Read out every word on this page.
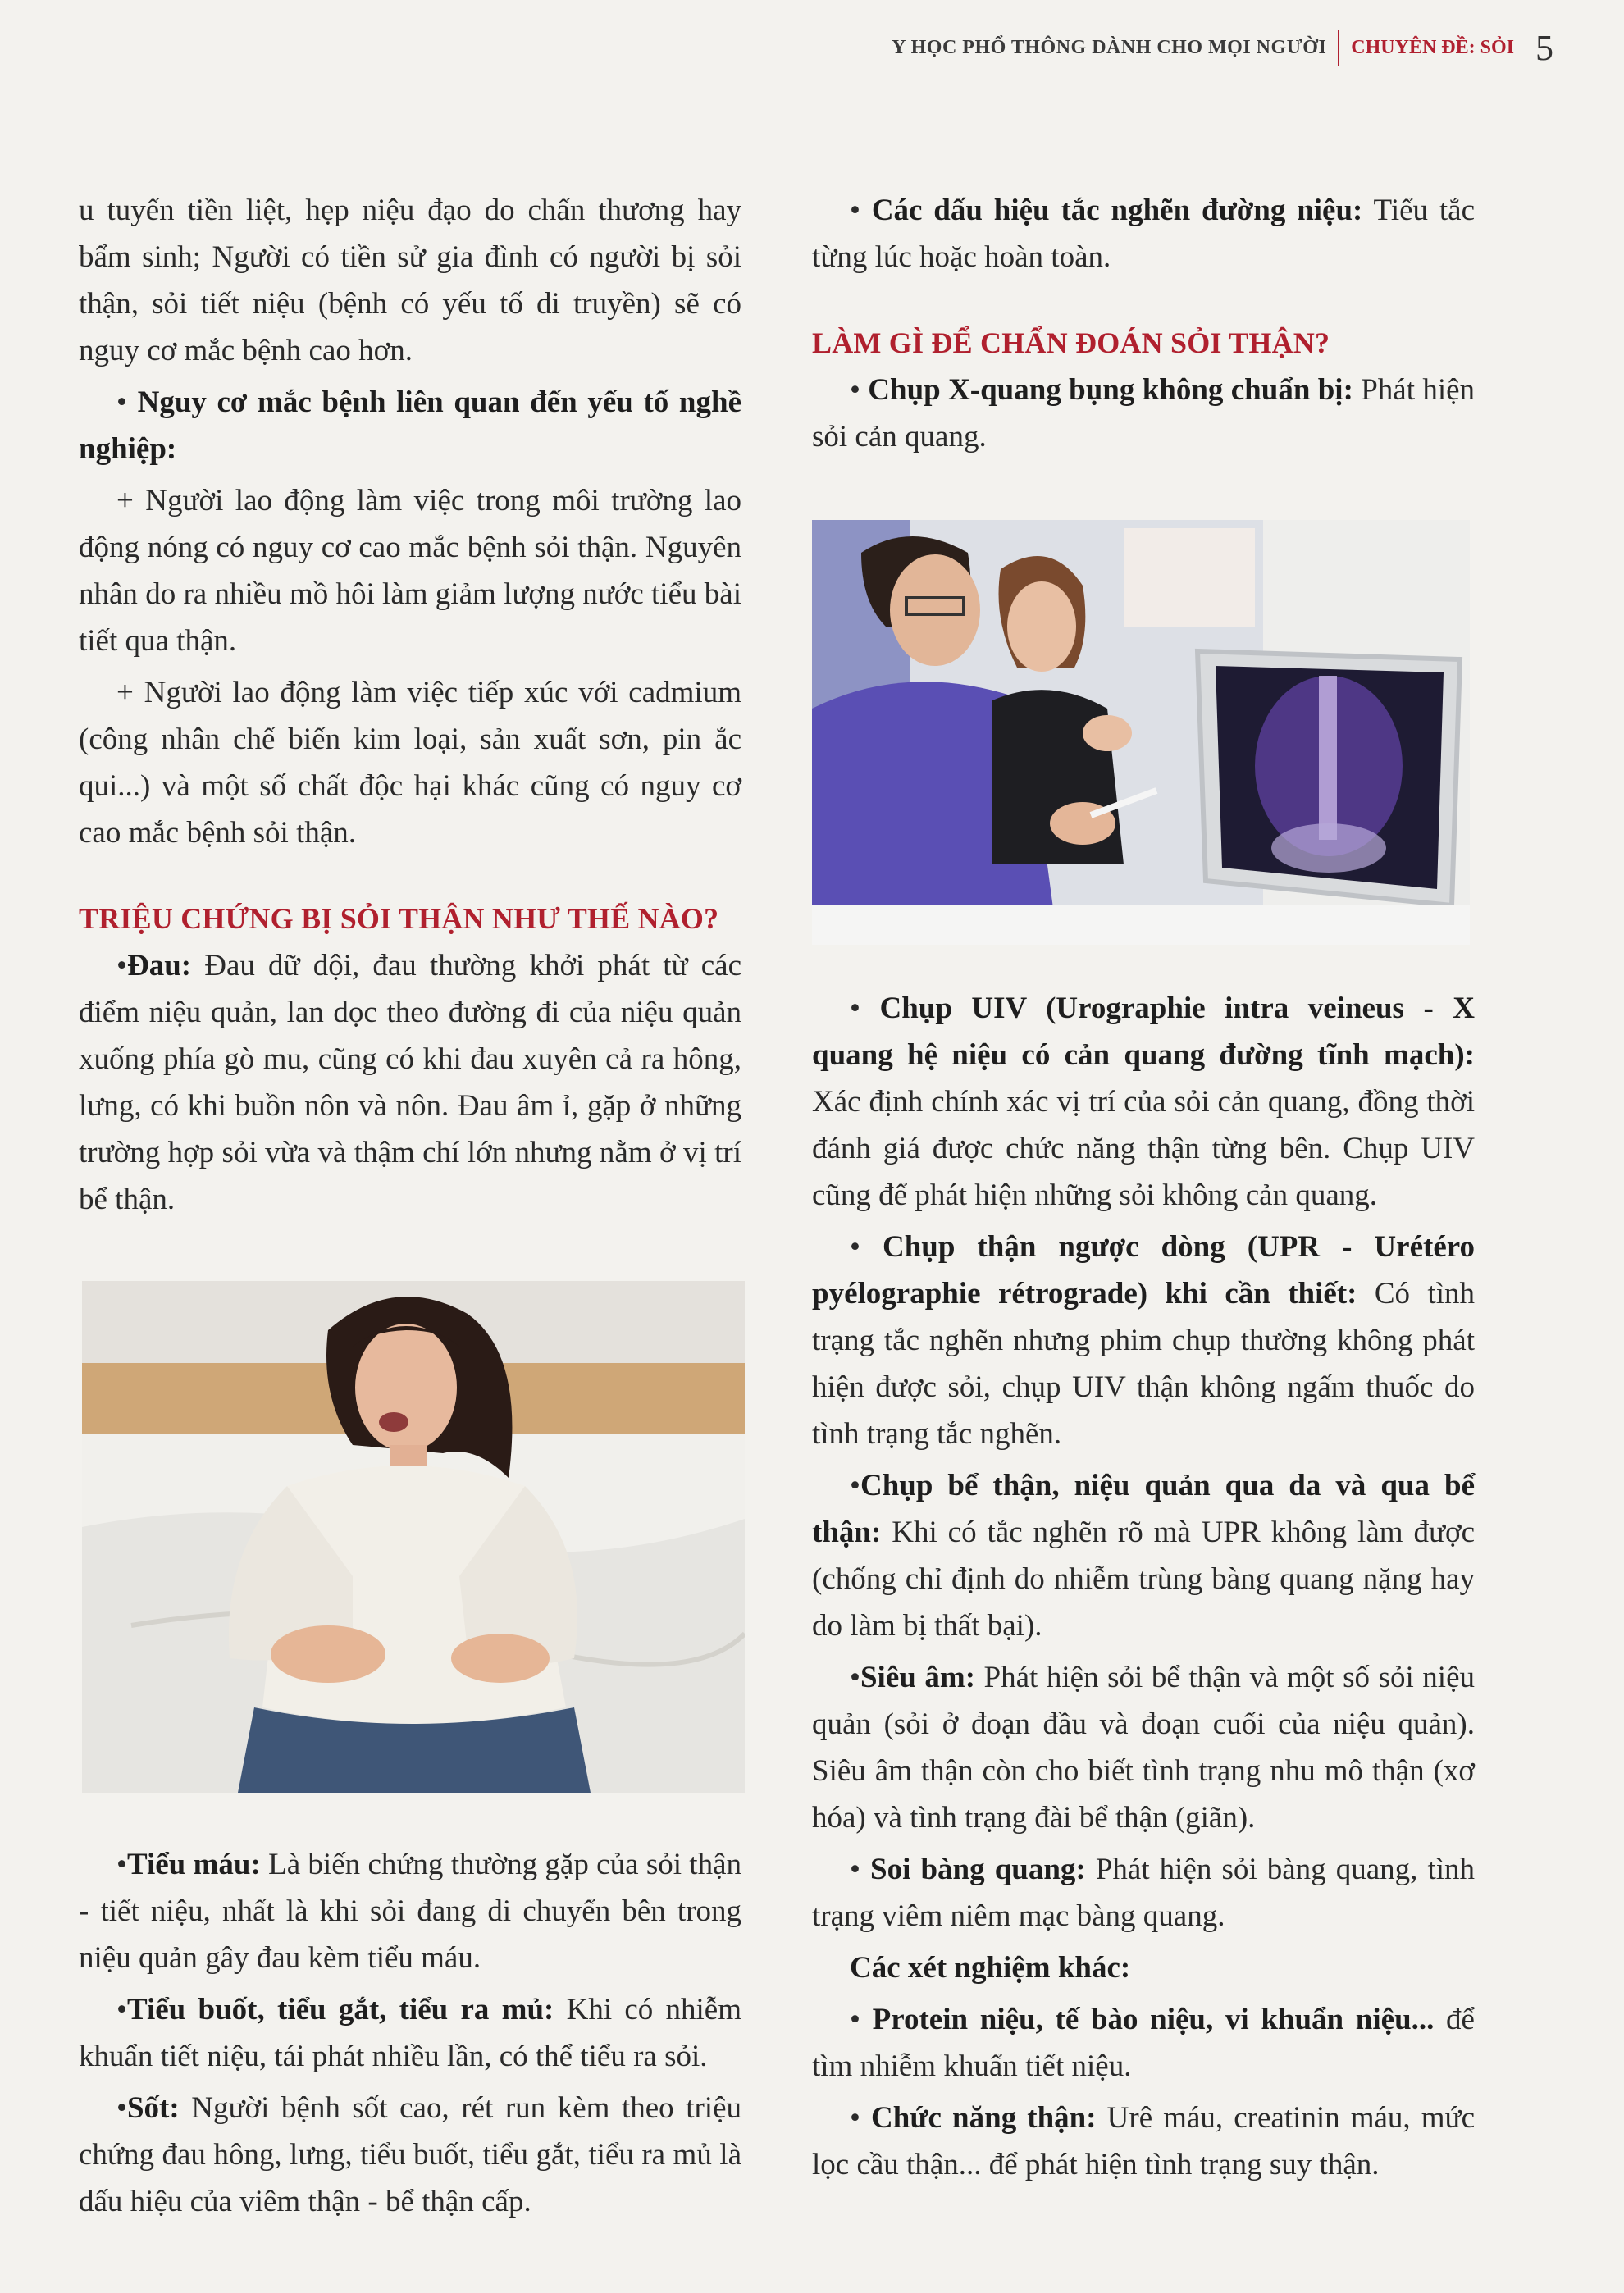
Y HỌC PHỔ THÔNG DÀNH CHO MỌI NGƯỜI CHUYÊN ĐỀ: SỎI 5

u tuyến tiền liệt, hẹp niệu đạo do chấn thương hay bẩm sinh; Người có tiền sử gia đình có người bị sỏi thận, sỏi tiết niệu (bệnh có yếu tố di truyền) sẽ có nguy cơ mắc bệnh cao hơn.

• Nguy cơ mắc bệnh liên quan đến yếu tố nghề nghiệp:

+ Người lao động làm việc trong môi trường lao động nóng có nguy cơ cao mắc bệnh sỏi thận. Nguyên nhân do ra nhiều mồ hôi làm giảm lượng nước tiểu bài tiết qua thận.

+ Người lao động làm việc tiếp xúc với cadmium (công nhân chế biến kim loại, sản xuất sơn, pin ắc qui...) và một số chất độc hại khác cũng có nguy cơ cao mắc bệnh sỏi thận.

TRIỆU CHỨNG BỊ SỎI THẬN NHƯ THẾ NÀO?

•Đau: Đau dữ dội, đau thường khởi phát từ các điểm niệu quản, lan dọc theo đường đi của niệu quản xuống phía gò mu, cũng có khi đau xuyên cả ra hông, lưng, có khi buồn nôn và nôn. Đau âm ỉ, gặp ở những trường hợp sỏi vừa và thậm chí lớn nhưng nằm ở vị trí bể thận.

•Tiểu máu: Là biến chứng thường gặp của sỏi thận - tiết niệu, nhất là khi sỏi đang di chuyển bên trong niệu quản gây đau kèm tiểu máu.

•Tiểu buốt, tiểu gắt, tiểu ra mủ: Khi có nhiễm khuẩn tiết niệu, tái phát nhiều lần, có thể tiểu ra sỏi.

•Sốt: Người bệnh sốt cao, rét run kèm theo triệu chứng đau hông, lưng, tiểu buốt, tiểu gắt, tiểu ra mủ là dấu hiệu của viêm thận - bể thận cấp.

• Các dấu hiệu tắc nghẽn đường niệu: Tiểu tắc từng lúc hoặc hoàn toàn.

LÀM GÌ ĐỂ CHẨN ĐOÁN SỎI THẬN?

• Chụp X-quang bụng không chuẩn bị: Phát hiện sỏi cản quang.

• Chụp UIV (Urographie intra veineus - X quang hệ niệu có cản quang đường tĩnh mạch): Xác định chính xác vị trí của sỏi cản quang, đồng thời đánh giá được chức năng thận từng bên. Chụp UIV cũng để phát hiện những sỏi không cản quang.

• Chụp thận ngược dòng (UPR - Urétéro pyélographie rétrograde) khi cần thiết: Có tình trạng tắc nghẽn nhưng phim chụp thường không phát hiện được sỏi, chụp UIV thận không ngấm thuốc do tình trạng tắc nghẽn.

•Chụp bể thận, niệu quản qua da và qua bể thận: Khi có tắc nghẽn rõ mà UPR không làm được (chống chỉ định do nhiễm trùng bàng quang nặng hay do làm bị thất bại).

•Siêu âm: Phát hiện sỏi bể thận và một số sỏi niệu quản (sỏi ở đoạn đầu và đoạn cuối của niệu quản). Siêu âm thận còn cho biết tình trạng nhu mô thận (xơ hóa) và tình trạng đài bể thận (giãn).

• Soi bàng quang: Phát hiện sỏi bàng quang, tình trạng viêm niêm mạc bàng quang.

Các xét nghiệm khác:

• Protein niệu, tế bào niệu, vi khuẩn niệu... để tìm nhiễm khuẩn tiết niệu.

• Chức năng thận: Urê máu, creatinin máu, mức lọc cầu thận... để phát hiện tình trạng suy thận.
